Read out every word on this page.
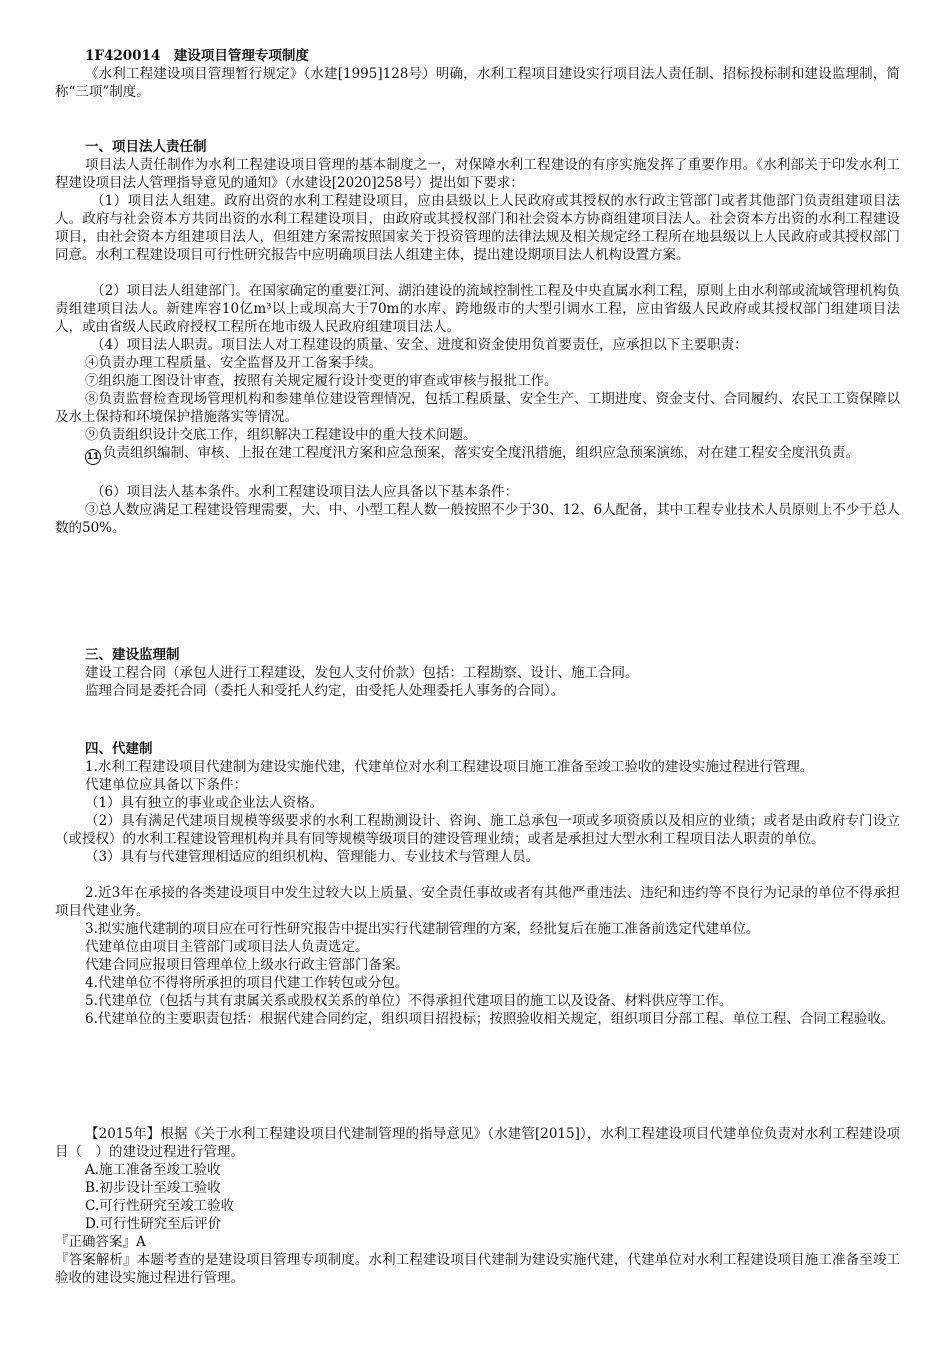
1F420014　建设项目管理专项制度

《水利工程建设项目管理暂行规定》（水建[1995]128号）明确，水利工程项目建设实行项目法人责任制、招标投标制和建设监理制，简称“三项”制度。

一、项目法人责任制

项目法人责任制作为水利工程建设项目管理的基本制度之一，对保障水利工程建设的有序实施发挥了重要作用。《水利部关于印发水利工程建设项目法人管理指导意见的通知》（水建设[2020]258号）提出如下要求：

（1）项目法人组建。政府出资的水利工程建设项目，应由县级以上人民政府或其授权的水行政主管部门或者其他部门负责组建项目法人。政府与社会资本方共同出资的水利工程建设项目，由政府或其授权部门和社会资本方协商组建项目法人。社会资本方出资的水利工程建设项目，由社会资本方组建项目法人，但组建方案需按照国家关于投资管理的法律法规及相关规定经工程所在地县级以上人民政府或其授权部门同意。水利工程建设项目可行性研究报告中应明确项目法人组建主体，提出建设期项目法人机构设置方案。

（2）项目法人组建部门。在国家确定的重要江河、湖泊建设的流域控制性工程及中央直属水利工程，原则上由水利部或流域管理机构负责组建项目法人。新建库容10亿m³以上或坝高大于70m的水库、跨地级市的大型引调水工程，应由省级人民政府或其授权部门组建项目法人，或由省级人民政府授权工程所在地市级人民政府组建项目法人。

（4）项目法人职责。项目法人对工程建设的质量、安全、进度和资金使用负首要责任，应承担以下主要职责：

④负责办理工程质量、安全监督及开工备案手续。

⑦组织施工图设计审查，按照有关规定履行设计变更的审查或审核与报批工作。

⑧负责监督检查现场管理机构和参建单位建设管理情况，包括工程质量、安全生产、工期进度、资金支付、合同履约、农民工工资保障以及水土保持和环境保护措施落实等情况。

⑨负责组织设计交底工作，组织解决工程建设中的重大技术问题。

11 负责组织编制、审核、上报在建工程度汛方案和应急预案，落实安全度汛措施，组织应急预案演练，对在建工程安全度汛负责。

（6）项目法人基本条件。水利工程建设项目法人应具备以下基本条件：

③总人数应满足工程建设管理需要，大、中、小型工程人数一般按照不少于30、12、6人配备，其中工程专业技术人员原则上不少于总人数的50%。

三、建设监理制

建设工程合同（承包人进行工程建设，发包人支付价款）包括：工程勘察、设计、施工合同。

监理合同是委托合同（委托人和受托人约定，由受托人处理委托人事务的合同）。

四、代建制

1.水利工程建设项目代建制为建设实施代建，代建单位对水利工程建设项目施工准备至竣工验收的建设实施过程进行管理。

代建单位应具备以下条件：

（1）具有独立的事业或企业法人资格。

（2）具有满足代建项目规模等级要求的水利工程勘测设计、咨询、施工总承包一项或多项资质以及相应的业绩；或者是由政府专门设立（或授权）的水利工程建设管理机构并具有同等规模等级项目的建设管理业绩；或者是承担过大型水利工程项目法人职责的单位。

（3）具有与代建管理相适应的组织机构、管理能力、专业技术与管理人员。

2.近3年在承接的各类建设项目中发生过较大以上质量、安全责任事故或者有其他严重违法、违纪和违约等不良行为记录的单位不得承担项目代建业务。

3.拟实施代建制的项目应在可行性研究报告中提出实行代建制管理的方案，经批复后在施工准备前选定代建单位。

代建单位由项目主管部门或项目法人负责选定。

代建合同应报项目管理单位上级水行政主管部门备案。

4.代建单位不得将所承担的项目代建工作转包或分包。

5.代建单位（包括与其有隶属关系或股权关系的单位）不得承担代建项目的施工以及设备、材料供应等工作。

6.代建单位的主要职责包括：根据代建合同约定，组织项目招投标；按照验收相关规定，组织项目分部工程、单位工程、合同工程验收。

【2015年】根据《关于水利工程建设项目代建制管理的指导意见》（水建管[2015]），水利工程建设项目代建单位负责对水利工程建设项目（　）的建设过程进行管理。

A.施工准备至竣工验收

B.初步设计至竣工验收

C.可行性研究至竣工验收

D.可行性研究至后评价

『正确答案』A

『答案解析』本题考查的是建设项目管理专项制度。水利工程建设项目代建制为建设实施代建，代建单位对水利工程建设项目施工准备至竣工验收的建设实施过程进行管理。
